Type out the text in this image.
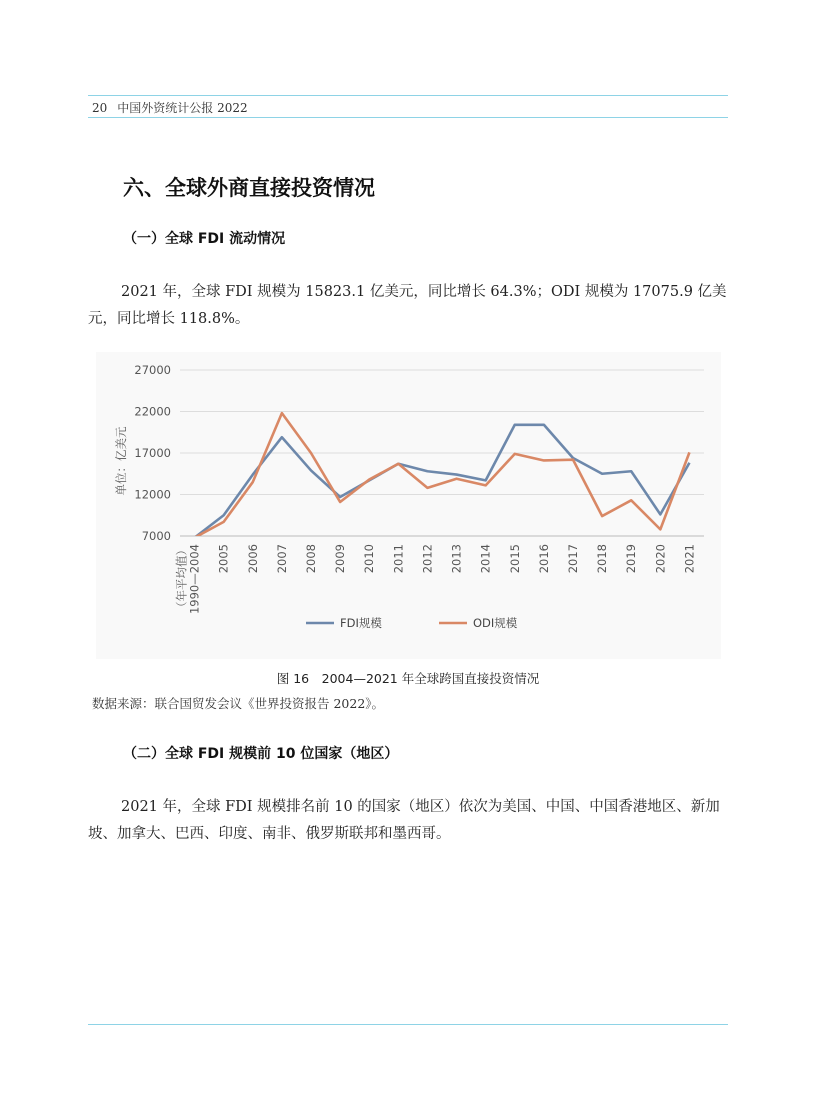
20 中国外资统计公报 2022
六、全球外商直接投资情况
（一）全球 FDI 流动情况
2021 年，全球 FDI 规模为 15823.1 亿美元，同比增长 64.3%；ODI 规模为 17075.9 亿美元，同比增长 118.8%。
7000
12000
17000
22000
27000
单位：亿美元
1990—2004
（年平均值） 2005 2006 2007 2008 2009 2010 2011 2012 2013 2014 2015 2016 2017 2018 2019 2020 2021
FDI规模	ODI规模
图 16　2004—2021 年全球跨国直接投资情况
数据来源：联合国贸发会议《世界投资报告 2022》。
（二）全球 FDI 规模前 10 位国家（地区）
2021 年，全球 FDI 规模排名前 10 的国家（地区）依次为美国、中国、中国香港地区、新加坡、加拿大、巴西、印度、南非、俄罗斯联邦和墨西哥。
